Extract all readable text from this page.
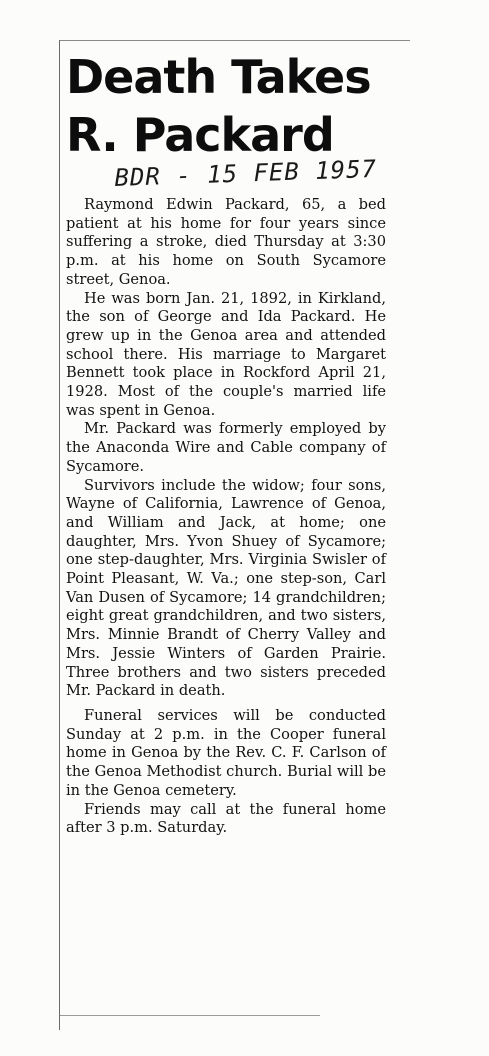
Death Takes
R. Packard
BDR - 15 FEB 1957

Raymond Edwin Packard, 65, a bed patient at his home for four years since suffering a stroke, died Thursday at 3:30 p.m. at his home on South Sycamore street, Genoa.

He was born Jan. 21, 1892, in Kirkland, the son of George and Ida Packard. He grew up in the Genoa area and attended school there. His marriage to Margaret Bennett took place in Rockford April 21, 1928. Most of the couple's married life was spent in Genoa.

Mr. Packard was formerly employed by the Anaconda Wire and Cable company of Sycamore.

Survivors include the widow; four sons, Wayne of California, Lawrence of Genoa, and William and Jack, at home; one daughter, Mrs. Yvon Shuey of Sycamore; one step-daughter, Mrs. Virginia Swisler of Point Pleasant, W. Va.; one step-son, Carl Van Dusen of Sycamore; 14 grandchildren; eight great grandchildren, and two sisters, Mrs. Minnie Brandt of Cherry Valley and Mrs. Jessie Winters of Garden Prairie. Three brothers and two sisters preceded Mr. Packard in death.

Funeral services will be conducted Sunday at 2 p.m. in the Cooper funeral home in Genoa by the Rev. C. F. Carlson of the Genoa Methodist church. Burial will be in the Genoa cemetery.

Friends may call at the funeral home after 3 p.m. Saturday.
